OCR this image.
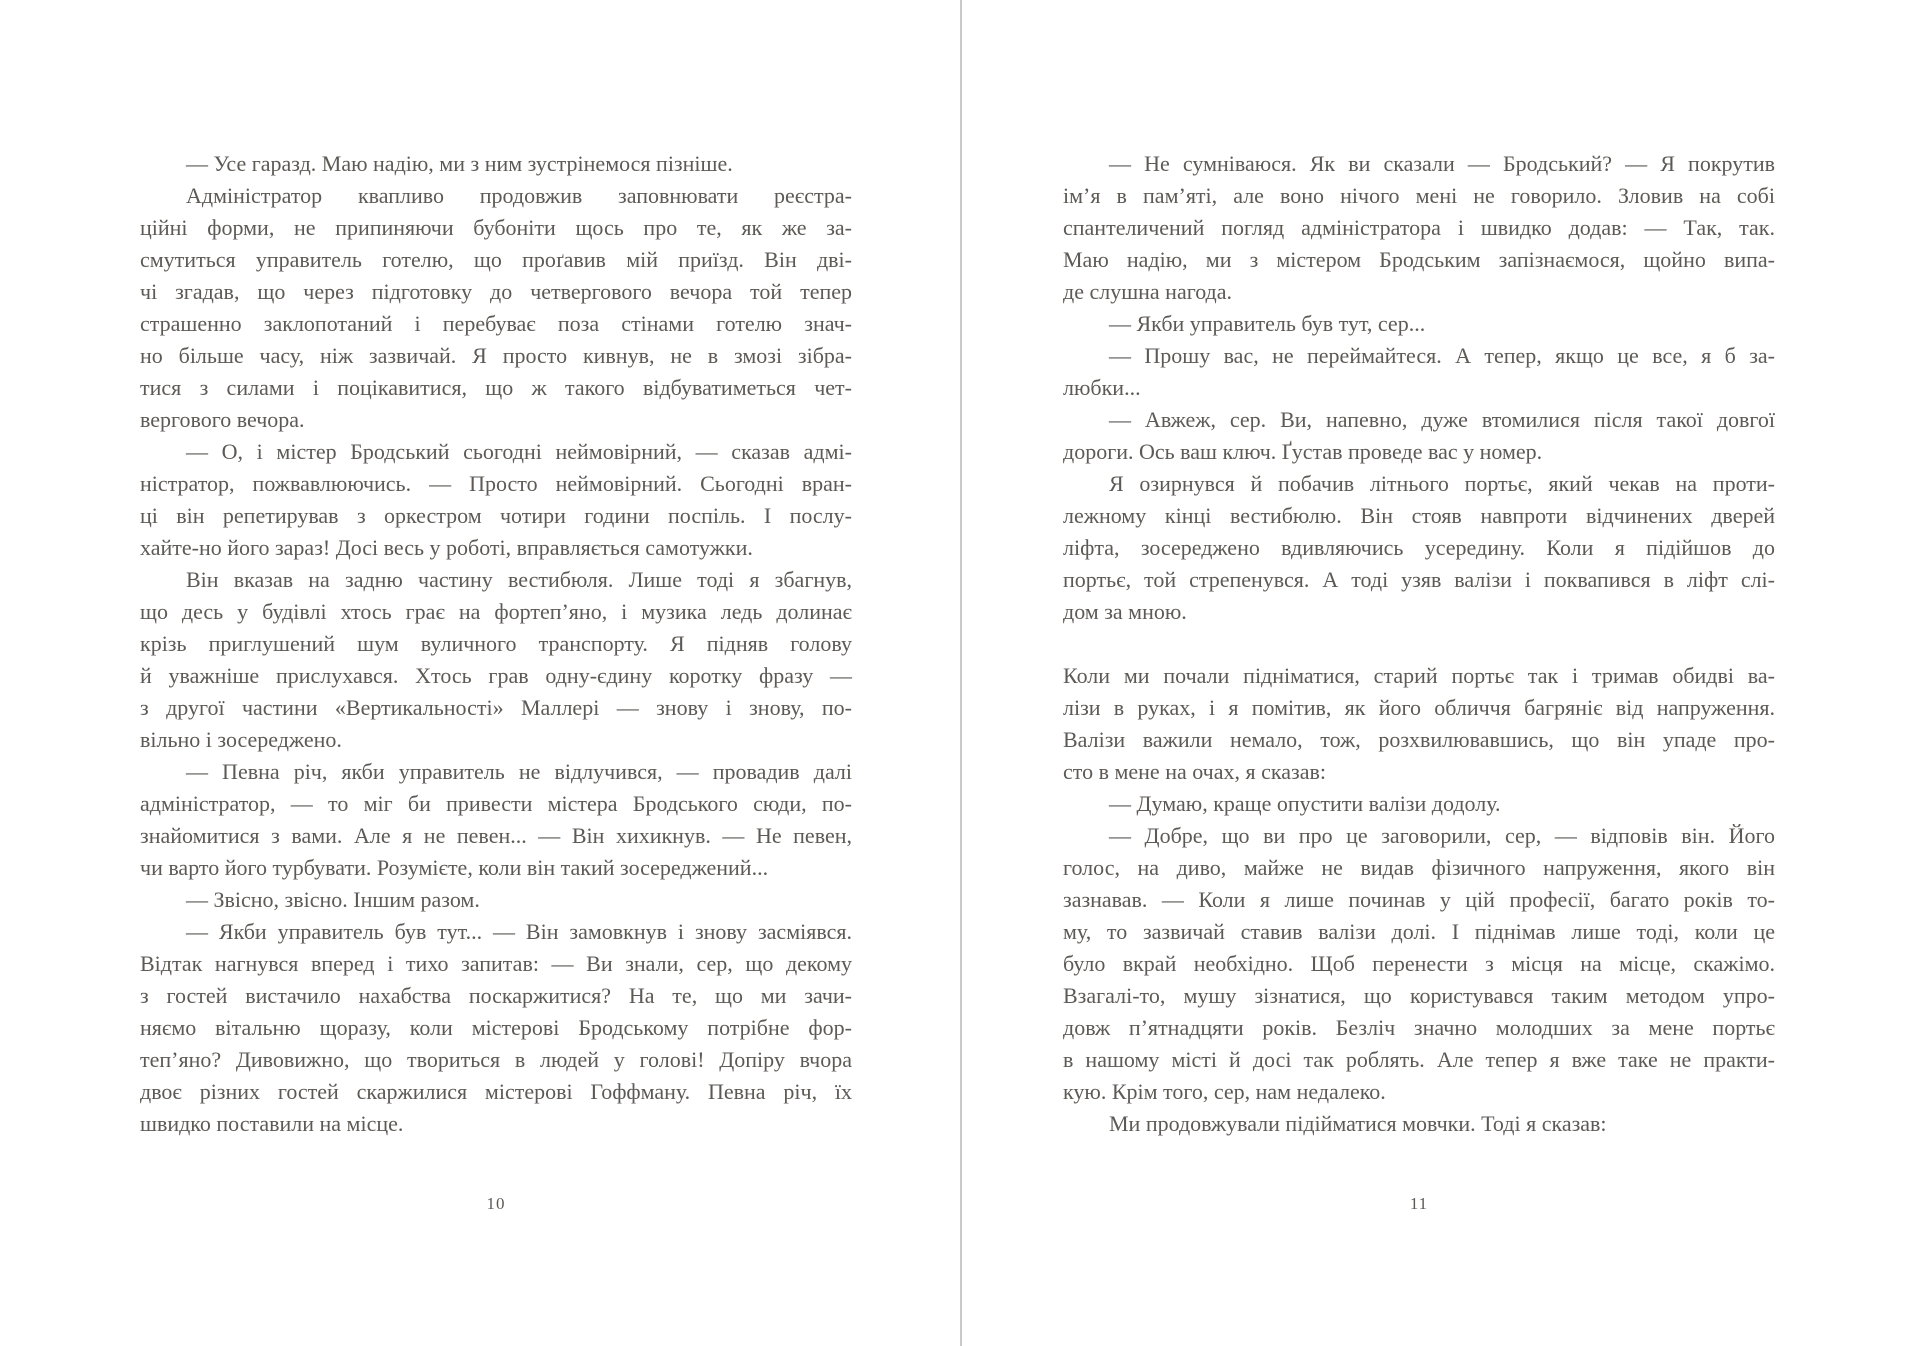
— Усе гаразд. Маю надію, ми з ним зустрінемося пізніше.
Адміністратор квапливо продовжив заповнювати реєстра-
ційні форми, не припиняючи бубоніти щось про те, як же за-
смутиться управитель готелю, що проґавив мій приїзд. Він дві-
чі згадав, що через підготовку до четвергового вечора той тепер
страшенно заклопотаний і перебуває поза стінами готелю знач-
но більше часу, ніж зазвичай. Я просто кивнув, не в змозі зібра-
тися з силами і поцікавитися, що ж такого відбуватиметься чет-
вергового вечора.
— О, і містер Бродський сьогодні неймовірний, — сказав адмі-
ністратор, пожвавлюючись. — Просто неймовірний. Сьогодні вран-
ці він репетирував з оркестром чотири години поспіль. І послу-
хайте-но його зараз! Досі весь у роботі, вправляється самотужки.
Він вказав на задню частину вестибюля. Лише тоді я збагнув,
що десь у будівлі хтось грає на фортеп’яно, і музика ледь долинає
крізь приглушений шум вуличного транспорту. Я підняв голову
й уважніше прислухався. Хтось грав одну-єдину коротку фразу —
з другої частини «Вертикальності» Маллері — знову і знову, по-
вільно і зосереджено.
— Певна річ, якби управитель не відлучився, — провадив далі
адміністратор, — то міг би привести містера Бродського сюди, по-
знайомитися з вами. Але я не певен... — Він хихикнув. — Не певен,
чи варто його турбувати. Розумієте, коли він такий зосереджений...
— Звісно, звісно. Іншим разом.
— Якби управитель був тут... — Він замовкнув і знову засміявся.
Відтак нагнувся вперед і тихо запитав: — Ви знали, сер, що декому
з гостей вистачило нахабства поскаржитися? На те, що ми зачи-
няємо вітальню щоразу, коли містерові Бродському потрібне фор-
теп’яно? Дивовижно, що твориться в людей у голові! Допіру вчора
двоє різних гостей скаржилися містерові Гоффману. Певна річ, їх
швидко поставили на місце.
10
— Не сумніваюся. Як ви сказали — Бродський? — Я покрутив
ім’я в пам’яті, але воно нічого мені не говорило. Зловив на собі
спантеличений погляд адміністратора і швидко додав: — Так, так.
Маю надію, ми з містером Бродським запізнаємося, щойно випа-
де слушна нагода.
— Якби управитель був тут, сер...
— Прошу вас, не переймайтеся. А тепер, якщо це все, я б за-
любки...
— Авжеж, сер. Ви, напевно, дуже втомилися після такої довгої
дороги. Ось ваш ключ. Ґустав проведе вас у номер.
Я озирнувся й побачив літнього портьє, який чекав на проти-
лежному кінці вестибюлю. Він стояв навпроти відчинених дверей
ліфта, зосереджено вдивляючись усередину. Коли я підійшов до
портьє, той стрепенувся. А тоді узяв валізи і поквапився в ліфт слі-
дом за мною.
Коли ми почали підніматися, старий портьє так і тримав обидві ва-
лізи в руках, і я помітив, як його обличчя багряніє від напруження.
Валізи важили немало, тож, розхвилювавшись, що він упаде про-
сто в мене на очах, я сказав:
— Думаю, краще опустити валізи додолу.
— Добре, що ви про це заговорили, сер, — відповів він. Його
голос, на диво, майже не видав фізичного напруження, якого він
зазнавав. — Коли я лише починав у цій професії, багато років то-
му, то зазвичай ставив валізи долі. І піднімав лише тоді, коли це
було вкрай необхідно. Щоб перенести з місця на місце, скажімо.
Взагалі-то, мушу зізнатися, що користувався таким методом упро-
довж п’ятнадцяти років. Безліч значно молодших за мене портьє
в нашому місті й досі так роблять. Але тепер я вже таке не практи-
кую. Крім того, сер, нам недалеко.
Ми продовжували підійматися мовчки. Тоді я сказав:
11
